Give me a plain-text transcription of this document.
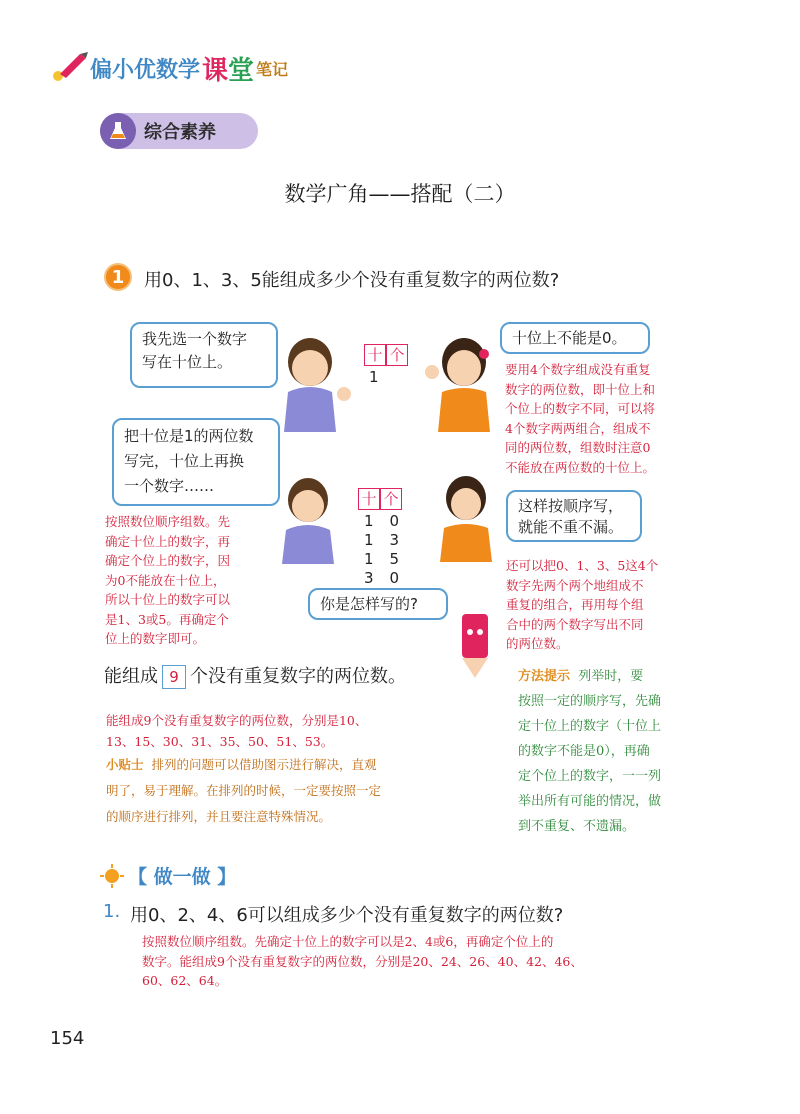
偏小优数学 课 堂 笔记
综合素养
数学广角——搭配（二）
1	用0、1、3、5能组成多少个没有重复数字的两位数?
我先选一个数字
写在十位上。	十 个
1
十位上不能是0。
要用4个数字组成没有重复
数字的两位数，即十位上和
个位上的数字不同，可以将
4个数字两两组合，组成不
同的两位数，组数时注意0
不能放在两位数的十位上。
把十位是1的两位数
写完，十位上再换
一个数字……
按照数位顺序组数。先
确定十位上的数字，再
确定个位上的数字，因
为0不能放在十位上，
所以十位上的数字可以
是1、3或5。再确定个
位上的数字即可。
十 个
1 0
1 3
1 5
3 0
这样按顺序写，
就能不重不漏。
还可以把0、1、3、5这4个
数字先两个两个地组成不
重复的组合，再用每个组
合中的两个数字写出不同
的两位数。
你是怎样写的?
能组成 9 个没有重复数字的两位数。
能组成9个没有重复数字的两位数，分别是10、
13、15、30、31、35、50、51、53。
小贴士 排列的问题可以借助图示进行解决，直观
明了，易于理解。在排列的时候，一定要按照一定
的顺序进行排列，并且要注意特殊情况。
方法提示 列举时，要
按照一定的顺序写，先确
定十位上的数字（十位上
的数字不能是0），再确
定个位上的数字，一一列
举出所有可能的情况，做
到不重复、不遗漏。
【 做一做 】
1. 用0、2、4、6可以组成多少个没有重复数字的两位数?
按照数位顺序组数。先确定十位上的数字可以是2、4或6，再确定个位上的
数字。能组成9个没有重复数字的两位数，分别是20、24、26、40、42、46、
60、62、64。
154
